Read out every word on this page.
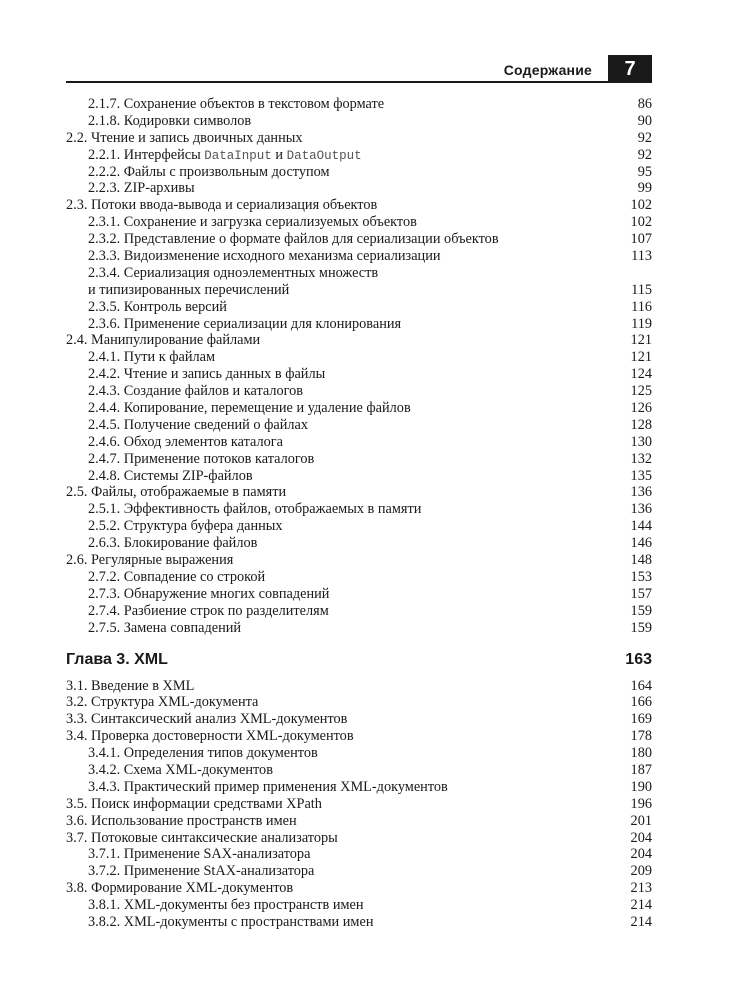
Содержание	7
2.1.7. Сохранение объектов в текстовом формате	86
2.1.8. Кодировки символов	90
2.2. Чтение и запись двоичных данных	92
2.2.1. Интерфейсы DataInput и DataOutput	92
2.2.2. Файлы с произвольным доступом	95
2.2.3. ZIP-архивы	99
2.3. Потоки ввода-вывода и сериализация объектов	102
2.3.1. Сохранение и загрузка сериализуемых объектов	102
2.3.2. Представление о формате файлов для сериализации объектов	107
2.3.3. Видоизменение исходного механизма сериализации	113
2.3.4. Сериализация одноэлементных множеств
и типизированных перечислений	115
2.3.5. Контроль версий	116
2.3.6. Применение сериализации для клонирования	119
2.4. Манипулирование файлами	121
2.4.1. Пути к файлам	121
2.4.2. Чтение и запись данных в файлы	124
2.4.3. Создание файлов и каталогов	125
2.4.4. Копирование, перемещение и удаление файлов	126
2.4.5. Получение сведений о файлах	128
2.4.6. Обход элементов каталога	130
2.4.7. Применение потоков каталогов	132
2.4.8. Системы ZIP-файлов	135
2.5. Файлы, отображаемые в памяти	136
2.5.1. Эффективность файлов, отображаемых в памяти	136
2.5.2. Структура буфера данных	144
2.6.3. Блокирование файлов	146
2.6. Регулярные выражения	148
2.7.2. Совпадение со строкой	153
2.7.3. Обнаружение многих совпадений	157
2.7.4. Разбиение строк по разделителям	159
2.7.5. Замена совпадений	159
Глава 3. XML	163
3.1. Введение в XML	164
3.2. Структура XML-документа	166
3.3. Синтаксический анализ XML-документов	169
3.4. Проверка достоверности XML-документов	178
3.4.1. Определения типов документов	180
3.4.2. Схема XML-документов	187
3.4.3. Практический пример применения XML-документов	190
3.5. Поиск информации средствами XPath	196
3.6. Использование пространств имен	201
3.7. Потоковые синтаксические анализаторы	204
3.7.1. Применение SAX-анализатора	204
3.7.2. Применение StAX-анализатора	209
3.8. Формирование XML-документов	213
3.8.1. XML-документы без пространств имен	214
3.8.2. XML-документы с пространствами имен	214
